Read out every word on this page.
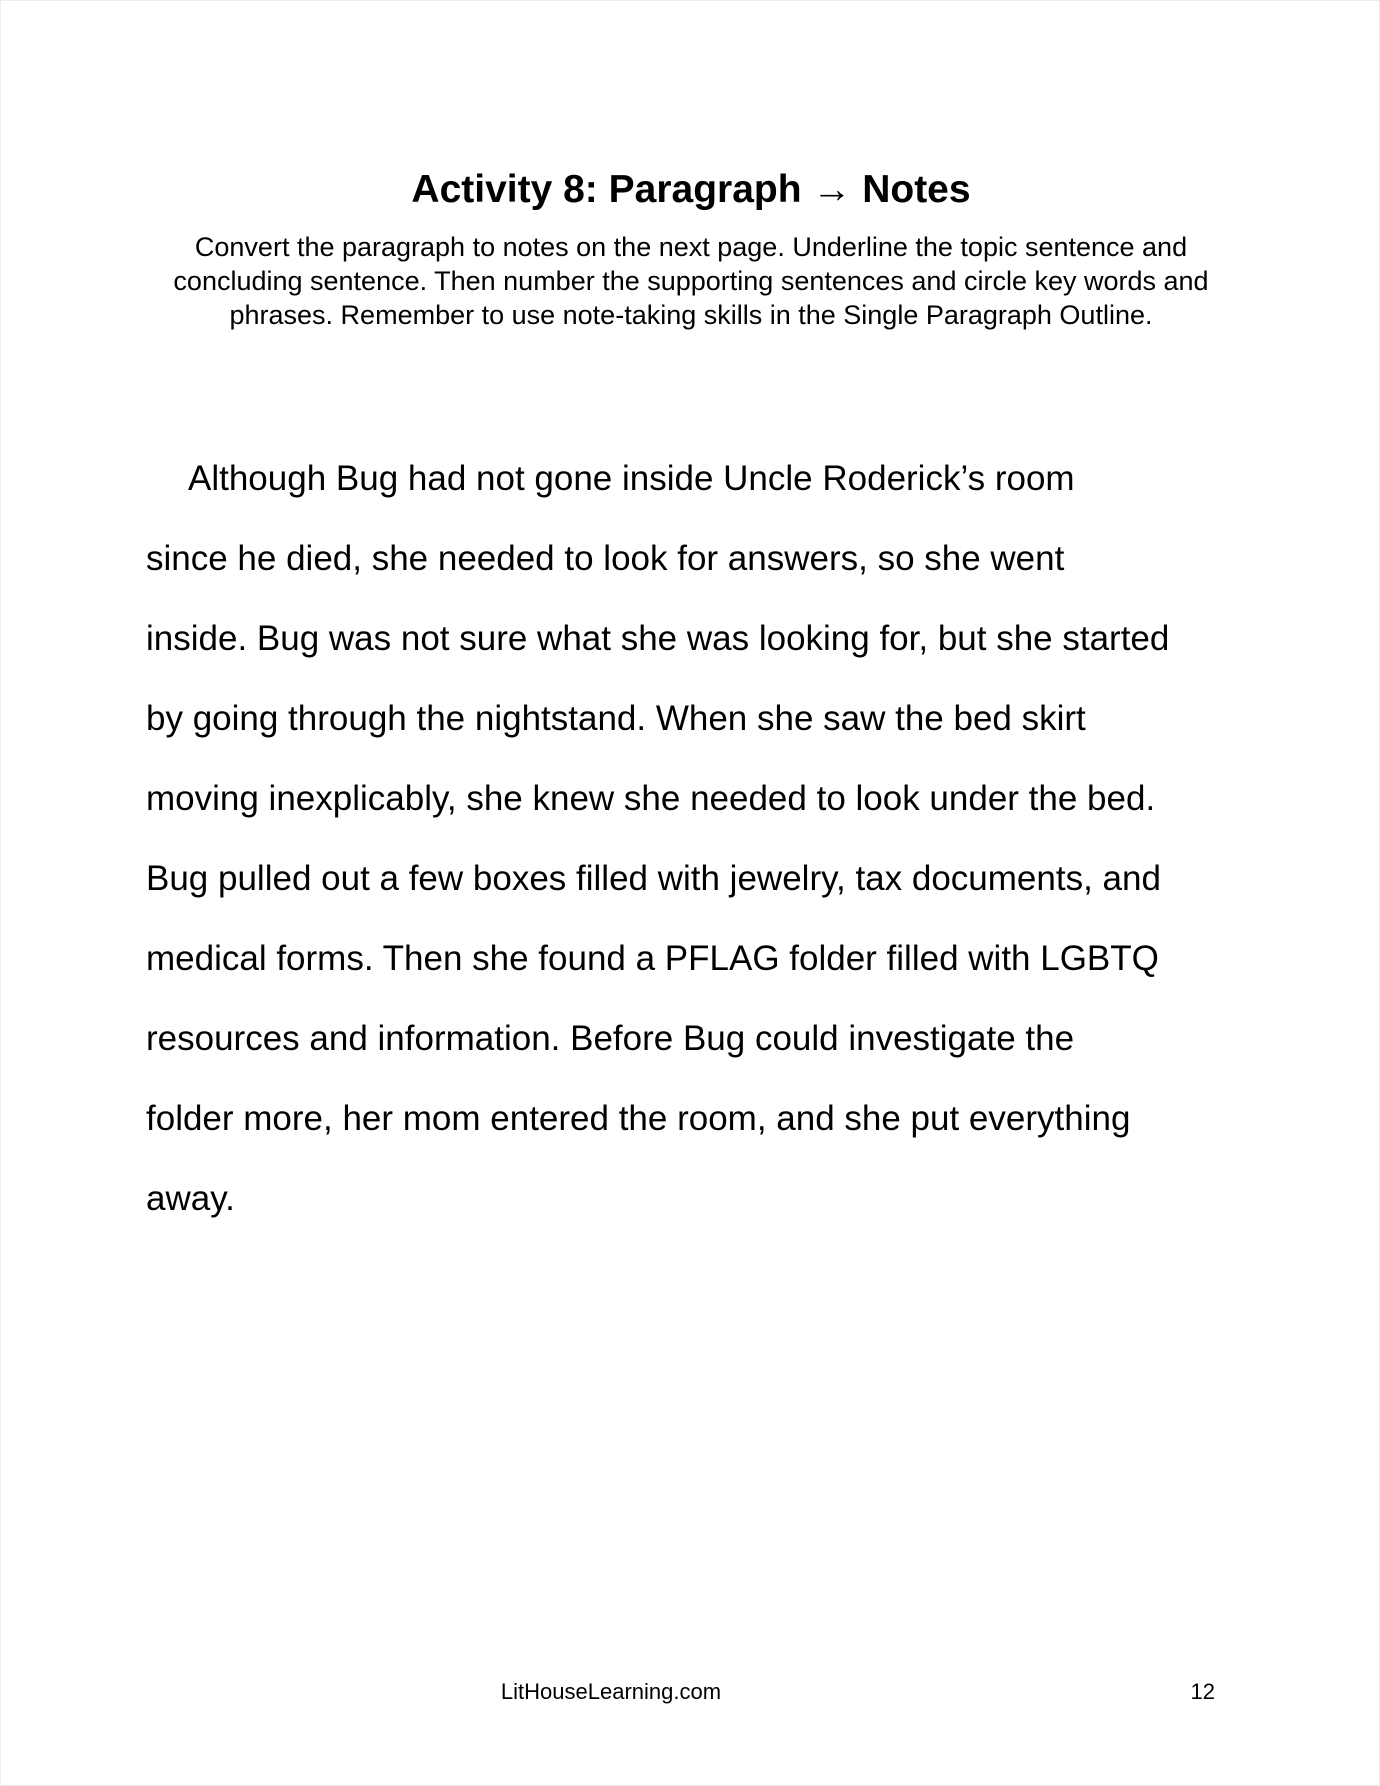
Activity 8: Paragraph → Notes

Convert the paragraph to notes on the next page. Underline the topic sentence and concluding sentence. Then number the supporting sentences and circle key words and phrases. Remember to use note-taking skills in the Single Paragraph Outline.

Although Bug had not gone inside Uncle Roderick’s room
since he died, she needed to look for answers, so she went
inside. Bug was not sure what she was looking for, but she started
by going through the nightstand. When she saw the bed skirt
moving inexplicably, she knew she needed to look under the bed.
Bug pulled out a few boxes filled with jewelry, tax documents, and
medical forms. Then she found a PFLAG folder filled with LGBTQ
resources and information. Before Bug could investigate the
folder more, her mom entered the room, and she put everything
away.
LitHouseLearning.com	12
